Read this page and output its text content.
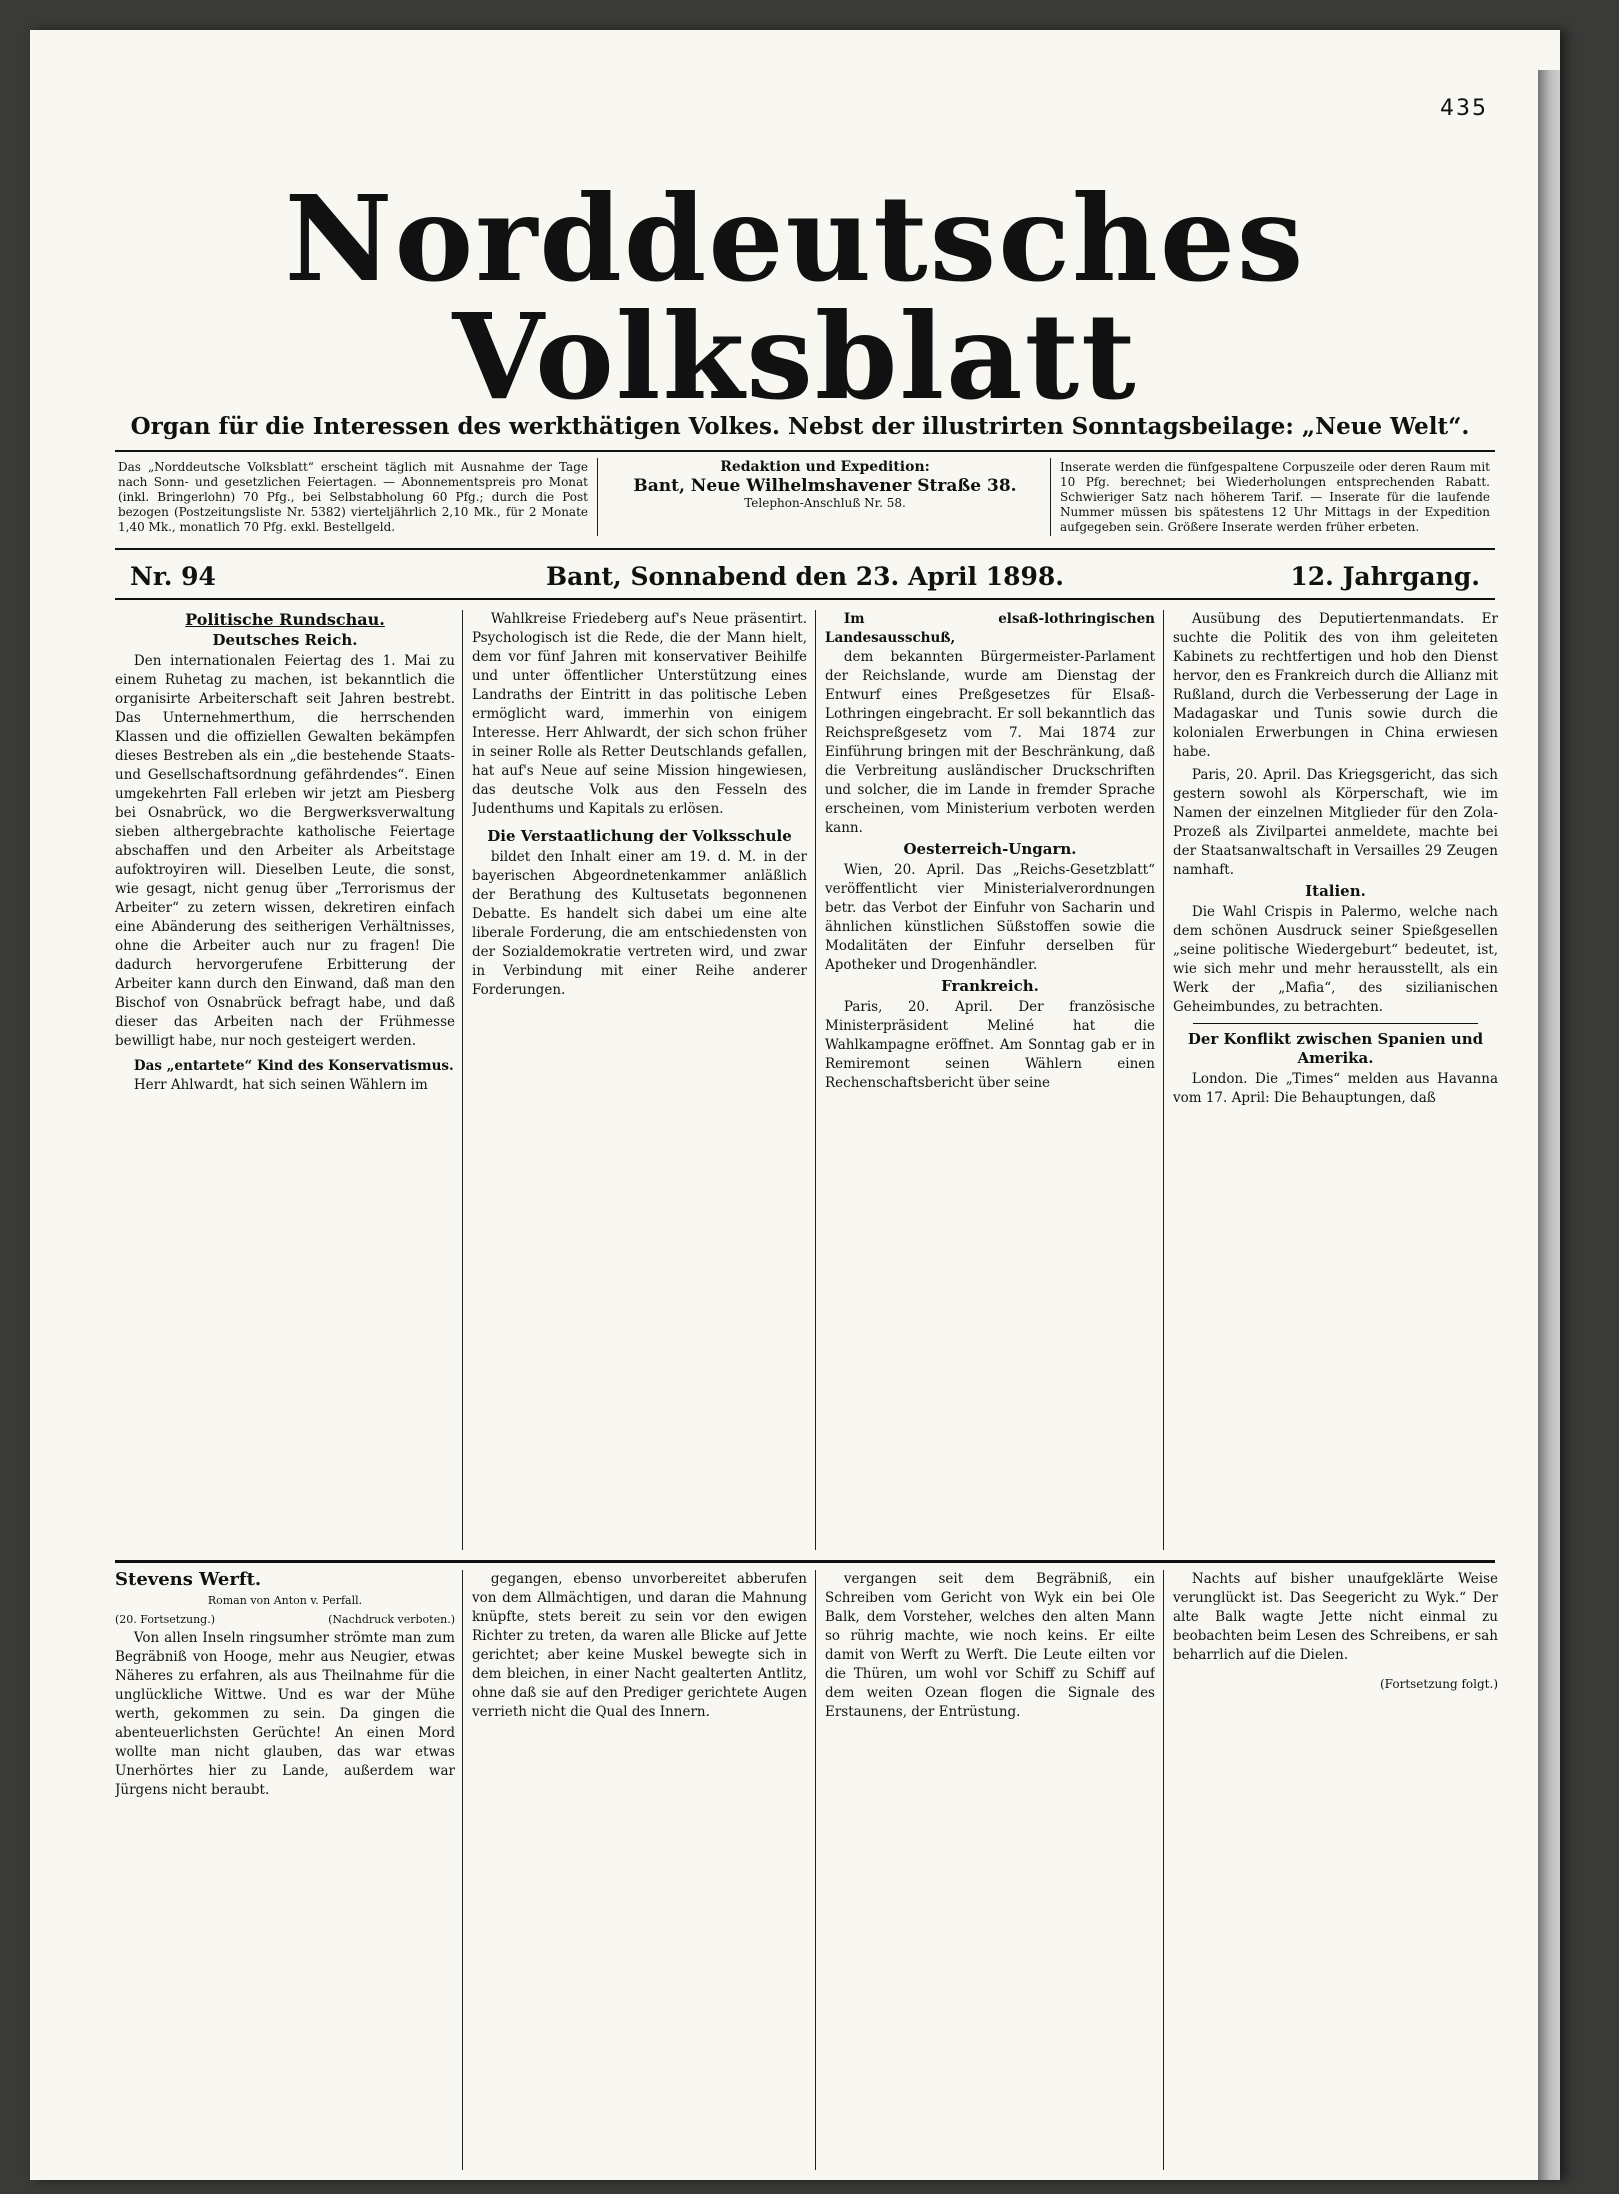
435
Norddeutsches Volksblatt
Organ für die Interessen des werkthätigen Volkes. Nebst der illustrirten Sonntagsbeilage: „Neue Welt“.
Das „Norddeutsche Volksblatt“ erscheint täglich mit Ausnahme der Tage nach Sonn- und gesetzlichen Feiertagen. — Abonnementspreis pro Monat (inkl. Bringerlohn) 70 Pfg., bei Selbstabholung 60 Pfg.; durch die Post bezogen (Postzeitungsliste Nr. 5382) vierteljährlich 2,10 Mk., für 2 Monate 1,40 Mk., monatlich 70 Pfg. exkl. Bestellgeld.
Redaktion und Expedition:
Bant, Neue Wilhelmshavener Straße 38.
Telephon-Anschluß Nr. 58.
Inserate werden die fünfgespaltene Corpuszeile oder deren Raum mit 10 Pfg. berechnet; bei Wiederholungen entsprechenden Rabatt. Schwieriger Satz nach höherem Tarif. — Inserate für die laufende Nummer müssen bis spätestens 12 Uhr Mittags in der Expedition aufgegeben sein. Größere Inserate werden früher erbeten.
Nr. 94	Bant, Sonnabend den 23. April 1898.	12. Jahrgang.
Politische Rundschau.
Deutsches Reich.

Den internationalen Feiertag des 1. Mai zu einem Ruhetag zu machen, ist bekanntlich die organisirte Arbeiterschaft seit Jahren bestrebt. Das Unternehmerthum, die herrschenden Klassen und die offiziellen Gewalten bekämpfen dieses Bestreben als ein „die bestehende Staats- und Gesellschaftsordnung gefährdendes“. Einen umgekehrten Fall erleben wir jetzt am Piesberg bei Osnabrück, wo die Bergwerksverwaltung sieben althergebrachte katholische Feiertage abschaffen und den Arbeiter als Arbeitstage aufoktroyiren will. Dieselben Leute, die sonst, wie gesagt, nicht genug über „Terrorismus der Arbeiter“ zu zetern wissen, dekretiren einfach eine Abänderung des seitherigen Verhältnisses, ohne die Arbeiter auch nur zu fragen! Die dadurch hervorgerufene Erbitterung der Arbeiter kann durch den Einwand, daß man den Bischof von Osnabrück befragt habe, und daß dieser das Arbeiten nach der Frühmesse bewilligt habe, nur noch gesteigert werden.

Das „entartete“ Kind des Konservatismus.

Herr Ahlwardt, hat sich seinen Wählern im

Wahlkreise Friedeberg auf's Neue präsentirt. Psychologisch ist die Rede, die der Mann hielt, dem vor fünf Jahren mit konservativer Beihilfe und unter öffentlicher Unterstützung eines Landraths der Eintritt in das politische Leben ermöglicht ward, immerhin von einigem Interesse. Herr Ahlwardt, der sich schon früher in seiner Rolle als Retter Deutschlands gefallen, hat auf's Neue auf seine Mission hingewiesen, das deutsche Volk aus den Fesseln des Judenthums und Kapitals zu erlösen.

Die Verstaatlichung der Volksschule

bildet den Inhalt einer am 19. d. M. in der bayerischen Abgeordnetenkammer anläßlich der Berathung des Kultusetats begonnenen Debatte. Es handelt sich dabei um eine alte liberale Forderung, die am entschiedensten von der Sozialdemokratie vertreten wird, und zwar in Verbindung mit einer Reihe anderer Forderungen.

Im elsaß-lothringischen Landesausschuß,

dem bekannten Bürgermeister-Parlament der Reichslande, wurde am Dienstag der Entwurf eines Preßgesetzes für Elsaß-Lothringen eingebracht. Er soll bekanntlich das Reichspreßgesetz vom 7. Mai 1874 zur Einführung bringen mit der Beschränkung, daß die Verbreitung ausländischer Druckschriften und solcher, die im Lande in fremder Sprache erscheinen, vom Ministerium verboten werden kann.

Oesterreich-Ungarn.

Wien, 20. April. Das „Reichs-Gesetzblatt“ veröffentlicht vier Ministerialverordnungen betr. das Verbot der Einfuhr von Sacharin und ähnlichen künstlichen Süßstoffen sowie die Modalitäten der Einfuhr derselben für Apotheker und Drogenhändler.

Frankreich.

Paris, 20. April. Der französische Ministerpräsident Meliné hat die Wahlkampagne eröffnet. Am Sonntag gab er in Remiremont seinen Wählern einen Rechenschaftsbericht über seine

Ausübung des Deputiertenmandats. Er suchte die Politik des von ihm geleiteten Kabinets zu rechtfertigen und hob den Dienst hervor, den es Frankreich durch die Allianz mit Rußland, durch die Verbesserung der Lage in Madagaskar und Tunis sowie durch die kolonialen Erwerbungen in China erwiesen habe.

Paris, 20. April. Das Kriegsgericht, das sich gestern sowohl als Körperschaft, wie im Namen der einzelnen Mitglieder für den Zola-Prozeß als Zivilpartei anmeldete, machte bei der Staatsanwaltschaft in Versailles 29 Zeugen namhaft.

Italien.

Die Wahl Crispis in Palermo, welche nach dem schönen Ausdruck seiner Spießgesellen „seine politische Wiedergeburt“ bedeutet, ist, wie sich mehr und mehr herausstellt, als ein Werk der „Mafia“, des sizilianischen Geheimbundes, zu betrachten.

Der Konflikt zwischen Spanien und Amerika.

London. Die „Times“ melden aus Havanna vom 17. April: Die Behauptungen, daß

Stevens Werft.
Roman von Anton v. Perfall.
(20. Fortsetzung.)	(Nachdruck verboten.)

Von allen Inseln ringsumher strömte man zum Begräbniß von Hooge, mehr aus Neugier, etwas Näheres zu erfahren, als aus Theilnahme für die unglückliche Wittwe. Und es war der Mühe werth, gekommen zu sein. Da gingen die abenteuerlichsten Gerüchte! An einen Mord wollte man nicht glauben, das war etwas Unerhörtes hier zu Lande, außerdem war Jürgens nicht beraubt.

gegangen, ebenso unvorbereitet abberufen von dem Allmächtigen, und daran die Mahnung knüpfte, stets bereit zu sein vor den ewigen Richter zu treten, da waren alle Blicke auf Jette gerichtet; aber keine Muskel bewegte sich in dem bleichen, in einer Nacht gealterten Antlitz, ohne daß sie auf den Prediger gerichtete Augen verrieth nicht die Qual des Innern.

vergangen seit dem Begräbniß, ein Schreiben vom Gericht von Wyk ein bei Ole Balk, dem Vorsteher, welches den alten Mann so rührig machte, wie noch keins. Er eilte damit von Werft zu Werft. Die Leute eilten vor die Thüren, um wohl vor Schiff zu Schiff auf dem weiten Ozean flogen die Signale des Erstaunens, der Entrüstung.

Nachts auf bisher unaufgeklärte Weise verunglückt ist. Das Seegericht zu Wyk.“ Der alte Balk wagte Jette nicht einmal zu beobachten beim Lesen des Schreibens, er sah beharrlich auf die Dielen.

(Fortsetzung folgt.)
